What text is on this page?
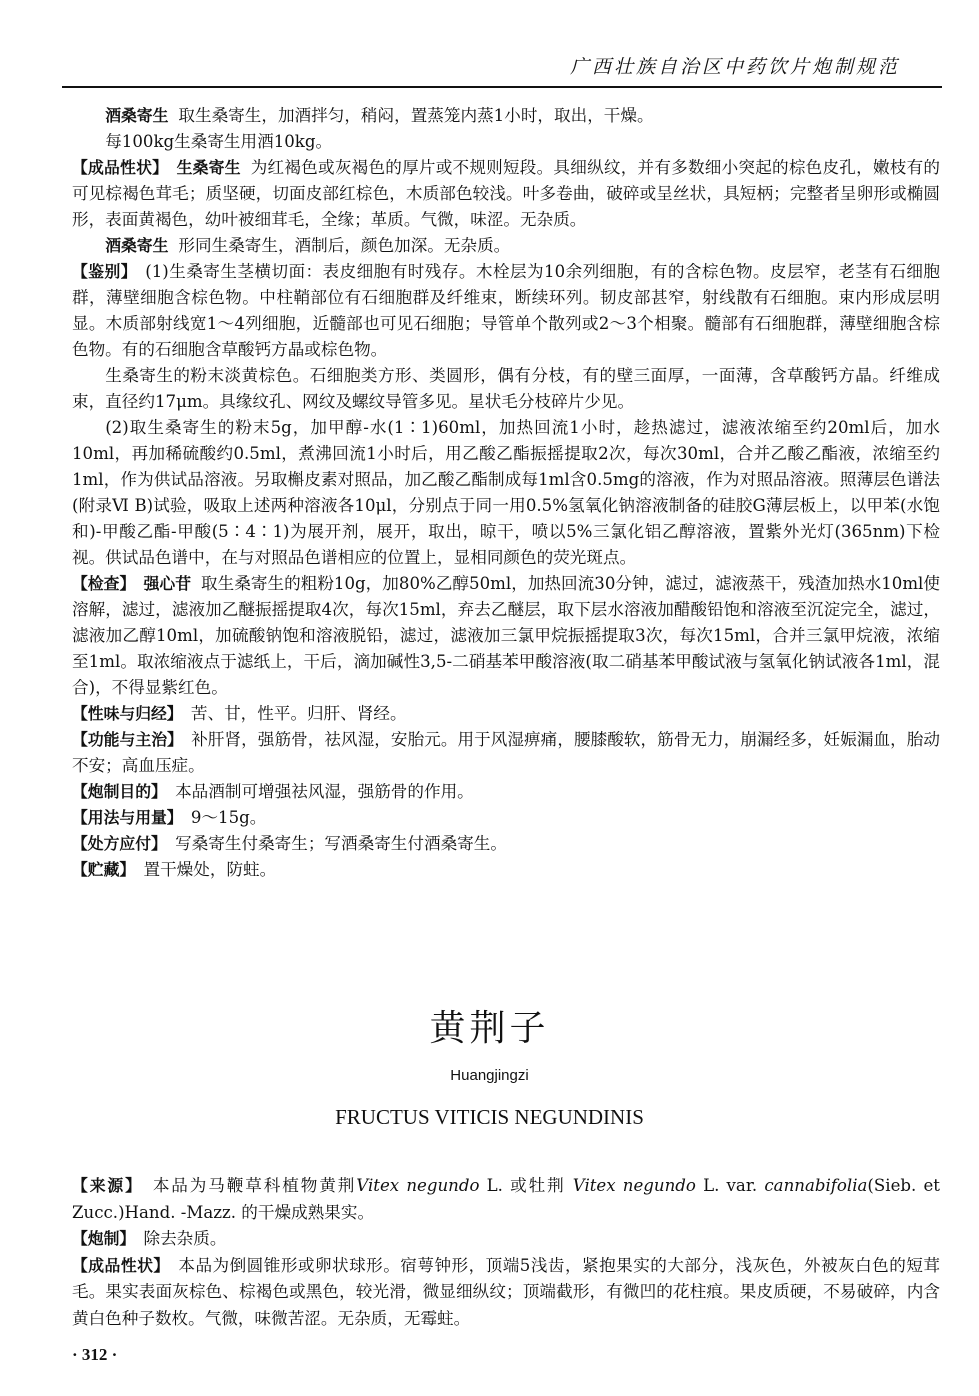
广西壮族自治区中药饮片炮制规范

酒桑寄生 取生桑寄生，加酒拌匀，稍闷，置蒸笼内蒸1小时，取出，干燥。

每100kg生桑寄生用酒10kg。

【成品性状】  生桑寄生 为红褐色或灰褐色的厚片或不规则短段。具细纵纹，并有多数细小突起的棕色皮孔，嫩枝有的可见棕褐色茸毛；质坚硬，切面皮部红棕色，木质部色较浅。叶多卷曲，破碎或呈丝状，具短柄；完整者呈卵形或椭圆形，表面黄褐色，幼叶被细茸毛，全缘；革质。气微，味涩。无杂质。

酒桑寄生 形同生桑寄生，酒制后，颜色加深。无杂质。

【鉴别】  (1)生桑寄生茎横切面：表皮细胞有时残存。木栓层为10余列细胞，有的含棕色物。皮层窄，老茎有石细胞群，薄壁细胞含棕色物。中柱鞘部位有石细胞群及纤维束，断续环列。韧皮部甚窄，射线散有石细胞。束内形成层明显。木质部射线宽1～4列细胞，近髓部也可见石细胞；导管单个散列或2～3个相聚。髓部有石细胞群，薄壁细胞含棕色物。有的石细胞含草酸钙方晶或棕色物。

生桑寄生的粉末淡黄棕色。石细胞类方形、类圆形，偶有分枝，有的壁三面厚，一面薄，含草酸钙方晶。纤维成束，直径约17μm。具缘纹孔、网纹及螺纹导管多见。星状毛分枝碎片少见。

(2)取生桑寄生的粉末5g，加甲醇-水(1∶1)60ml，加热回流1小时，趁热滤过，滤液浓缩至约20ml后，加水10ml，再加稀硫酸约0.5ml，煮沸回流1小时后，用乙酸乙酯振摇提取2次，每次30ml，合并乙酸乙酯液，浓缩至约1ml，作为供试品溶液。另取槲皮素对照品，加乙酸乙酯制成每1ml含0.5mg的溶液，作为对照品溶液。照薄层色谱法(附录Ⅵ B)试验，吸取上述两种溶液各10μl，分别点于同一用0.5%氢氧化钠溶液制备的硅胶G薄层板上，以甲苯(水饱和)-甲酸乙酯-甲酸(5∶4∶1)为展开剂，展开，取出，晾干，喷以5%三氯化铝乙醇溶液，置紫外光灯(365nm)下检视。供试品色谱中，在与对照品色谱相应的位置上，显相同颜色的荧光斑点。

【检查】  强心苷 取生桑寄生的粗粉10g，加80%乙醇50ml，加热回流30分钟，滤过，滤液蒸干，残渣加热水10ml使溶解，滤过，滤液加乙醚振摇提取4次，每次15ml，弃去乙醚层，取下层水溶液加醋酸铅饱和溶液至沉淀完全，滤过，滤液加乙醇10ml，加硫酸钠饱和溶液脱铅，滤过，滤液加三氯甲烷振摇提取3次，每次15ml，合并三氯甲烷液，浓缩至1ml。取浓缩液点于滤纸上，干后，滴加碱性3,5-二硝基苯甲酸溶液(取二硝基苯甲酸试液与氢氧化钠试液各1ml，混合)，不得显紫红色。

【性味与归经】  苦、甘，性平。归肝、肾经。

【功能与主治】  补肝肾，强筋骨，祛风湿，安胎元。用于风湿痹痛，腰膝酸软，筋骨无力，崩漏经多，妊娠漏血，胎动不安；高血压症。

【炮制目的】  本品酒制可增强祛风湿，强筋骨的作用。

【用法与用量】  9～15g。

【处方应付】  写桑寄生付桑寄生；写酒桑寄生付酒桑寄生。

【贮藏】  置干燥处，防蛀。

黄荆子
Huangjingzi
FRUCTUS VITICIS NEGUNDINIS

【来源】 本品为马鞭草科植物黄荆Vitex negundo L. 或牡荆 Vitex negundo L. var. cannabifolia(Sieb. et Zucc.)Hand. -Mazz. 的干燥成熟果实。

【炮制】  除去杂质。

【成品性状】  本品为倒圆锥形或卵状球形。宿萼钟形，顶端5浅齿，紧抱果实的大部分，浅灰色，外被灰白色的短茸毛。果实表面灰棕色、棕褐色或黑色，较光滑，微显细纵纹；顶端截形，有微凹的花柱痕。果皮质硬，不易破碎，内含黄白色种子数枚。气微，味微苦涩。无杂质，无霉蛀。

· 312 ·
